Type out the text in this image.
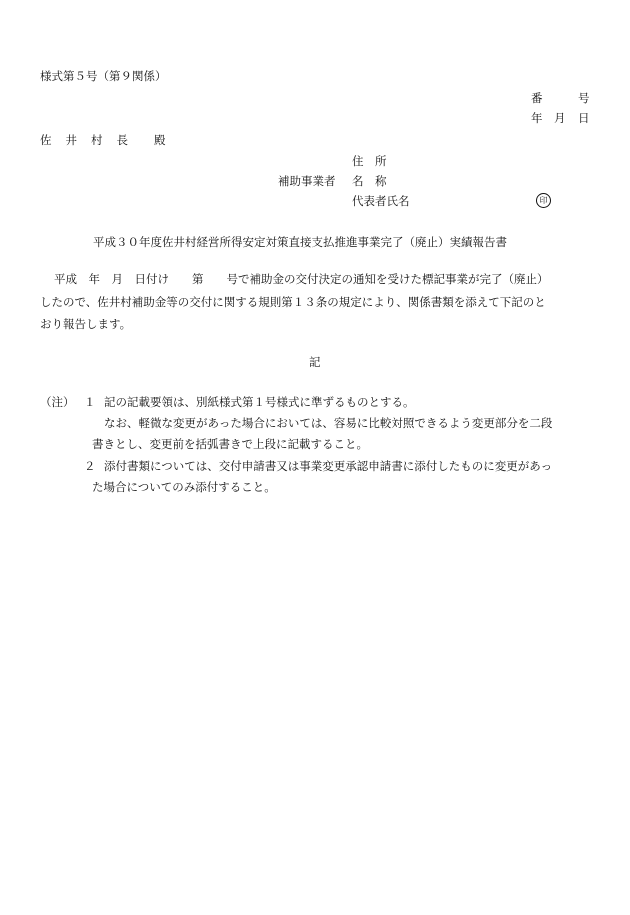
様式第５号（第９関係）
番	号
年 月 日
佐 井 村 長 殿
住　所
補助事業者 名　称
代表者氏名	印
平成３０年度佐井村経営所得安定対策直接支払推進事業完了（廃止）実績報告書
平成　年　月　日付け　　第　　号で補助金の交付決定の通知を受けた標記事業が完了（廃止）
したので、佐井村補助金等の交付に関する規則第１３条の規定により、関係書類を添えて下記のと
おり報告します。
記
（注） １ 記の記載要領は、別紙様式第１号様式に準ずるものとする。
なお、軽微な変更があった場合においては、容易に比較対照できるよう変更部分を二段
書きとし、変更前を括弧書きで上段に記載すること。
２ 添付書類については、交付申請書又は事業変更承認申請書に添付したものに変更があっ
た場合についてのみ添付すること。
